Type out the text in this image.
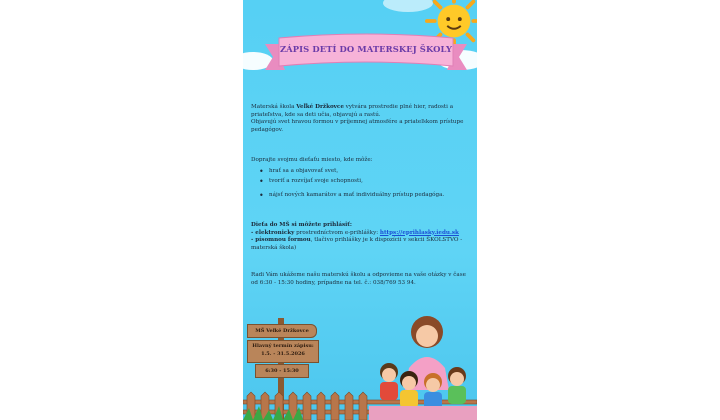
ZÁPIS DETÍ DO MATERSKEJ ŠKOLY
Materská škola Veľké Držkovce vytvára prostredie plné hier, radosti a priateľstva, kde sa deti učia, objavujú a rastú.
Objavujú svet hravou formou v príjemnej atmosfére a priateľskom prístupe pedagógov.
Doprajte svojmu dieťaťu miesto, kde môže:
• hrať sa a objavovať svet,
• tvoriť a rozvíjať svoje schopnosti,
• nájsť nových kamarátov a mať individuálny prístup pedagóga.
Dieťa do MŠ si môžete prihlásiť:
- elektronicky prostredníctvom e-prihlášky: https://eprihlasky.iedu.sk
- písomnou formou, tlačivo prihlášky je k dispozícii v sekcii ŠKOLSTVO - materská škola)
Radi Vám ukážeme našu materskú školu a odpovieme na vaše otázky v čase od 6:30 - 15:30 hodiny, prípadne na tel. č.: 038/769 53 94.
MŠ Veľké Držkovce
Hlavný termín zápisu:
1.5. - 31.5.2026
6:30 - 15:30
